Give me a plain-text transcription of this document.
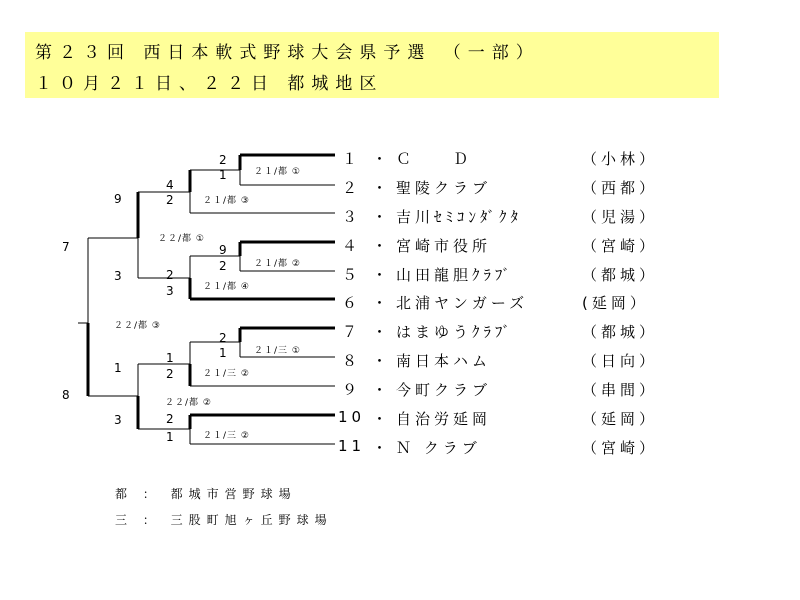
第２３回 西日本軟式野球大会県予選 （一部）
１０月２１日、２２日 都城地区
2
1
4
2
9
2
2
3
9
3
2
1
1
2
2
1
1
3
7
8
２１/都 ①
２１/都 ③
２２/都 ①
２１/都 ②
２１/都 ④
２２/都 ③
２１/三 ①
２１/三 ②
２２/都 ②
２１/三 ②
１ ・ Ｃ　　Ｄ	（小林）
２ ・ 聖陵クラブ	（西都）
３ ・ 吉川ｾﾐｺﾝﾀﾞｸﾀ	（児湯）
４ ・ 宮崎市役所	（宮崎）
５ ・ 山田龍胆ｸﾗﾌﾞ	（都城）
６ ・ 北浦ヤンガーズ	(延岡）
７ ・ はまゆうｸﾗﾌﾞ	（都城）
８ ・ 南日本ハム	（日向）
９ ・ 今町クラブ	（串間）
10 ・ 自治労延岡	（延岡）
11 ・ Ｎ クラブ	（宮崎）
都 ： 都城市営野球場
三 ： 三股町旭ヶ丘野球場
